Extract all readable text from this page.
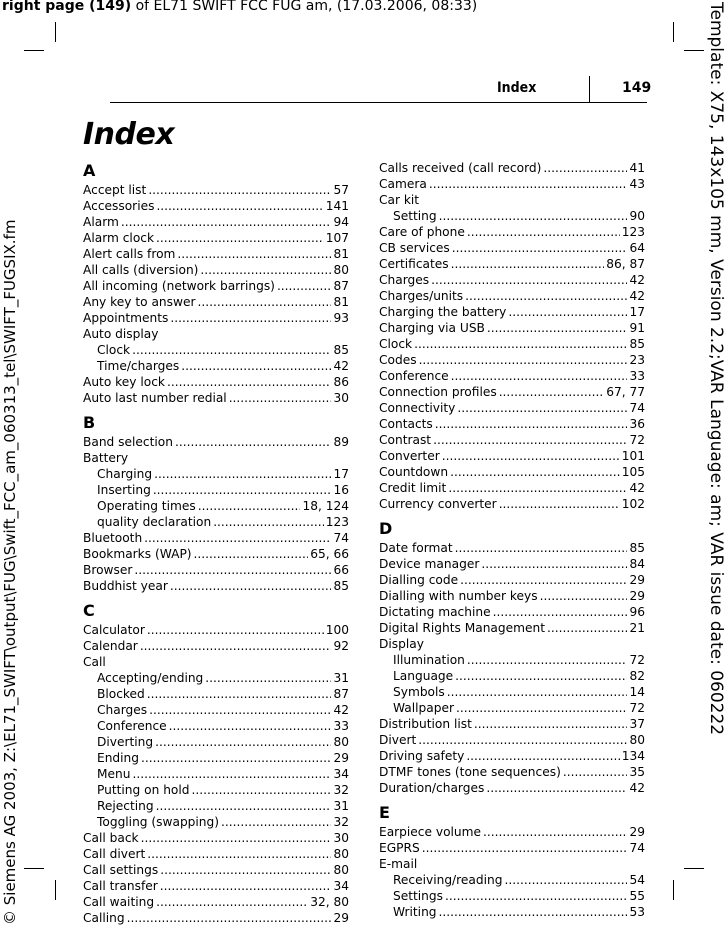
right page (149) of EL71 SWIFT FCC FUG am, (17.03.2006, 08:33)
© Siemens AG 2003, Z:\EL71_SWIFT\output\FUG\Swift_FCC_am_060313_tel\SWIFT_FUGSIX.fm	Template: X75, 143x105 mm, Version 2.2;VAR Language: am; VAR issue date: 060222
Index	149
Index
A
Accept list .....	57
Accessories .....	141
Alarm .....	94
Alarm clock .....	107
Alert calls from .....	81
All calls (diversion) .....	80
All incoming (network barrings) .....	87
Any key to answer .....	81
Appointments .....	93
Auto display
Clock .....	85
Time/charges .....	42
Auto key lock .....	86
Auto last number redial .....	30
B
Band selection .....	89
Battery
Charging .....	17
Inserting .....	16
Operating times .....	18, 124
quality declaration .....	123
Bluetooth .....	74
Bookmarks (WAP) .....	65, 66
Browser .....	66
Buddhist year .....	85
C
Calculator .....	100
Calendar .....	92
Call
Accepting/ending .....	31
Blocked .....	87
Charges .....	42
Conference .....	33
Diverting .....	80
Ending .....	29
Menu .....	34
Putting on hold .....	32
Rejecting .....	31
Toggling (swapping) .....	32
Call back .....	30
Call divert .....	80
Call settings .....	80
Call transfer .....	34
Call waiting .....	32, 80
Calling .....	29
Calls received (call record) .....	41
Camera .....	43
Car kit
Setting .....	90
Care of phone .....	123
CB services .....	64
Certificates .....	86, 87
Charges .....	42
Charges/units .....	42
Charging the battery .....	17
Charging via USB .....	91
Clock .....	85
Codes .....	23
Conference .....	33
Connection profiles .....	67, 77
Connectivity .....	74
Contacts .....	36
Contrast .....	72
Converter .....	101
Countdown .....	105
Credit limit .....	42
Currency converter .....	102
D
Date format .....	85
Device manager .....	84
Dialling code .....	29
Dialling with number keys .....	29
Dictating machine .....	96
Digital Rights Management .....	21
Display
Illumination .....	72
Language .....	82
Symbols .....	14
Wallpaper .....	72
Distribution list .....	37
Divert .....	80
Driving safety .....	134
DTMF tones (tone sequences) .....	35
Duration/charges .....	42
E
Earpiece volume .....	29
EGPRS .....	74
E-mail
Receiving/reading .....	54
Settings .....	55
Writing .....	53
